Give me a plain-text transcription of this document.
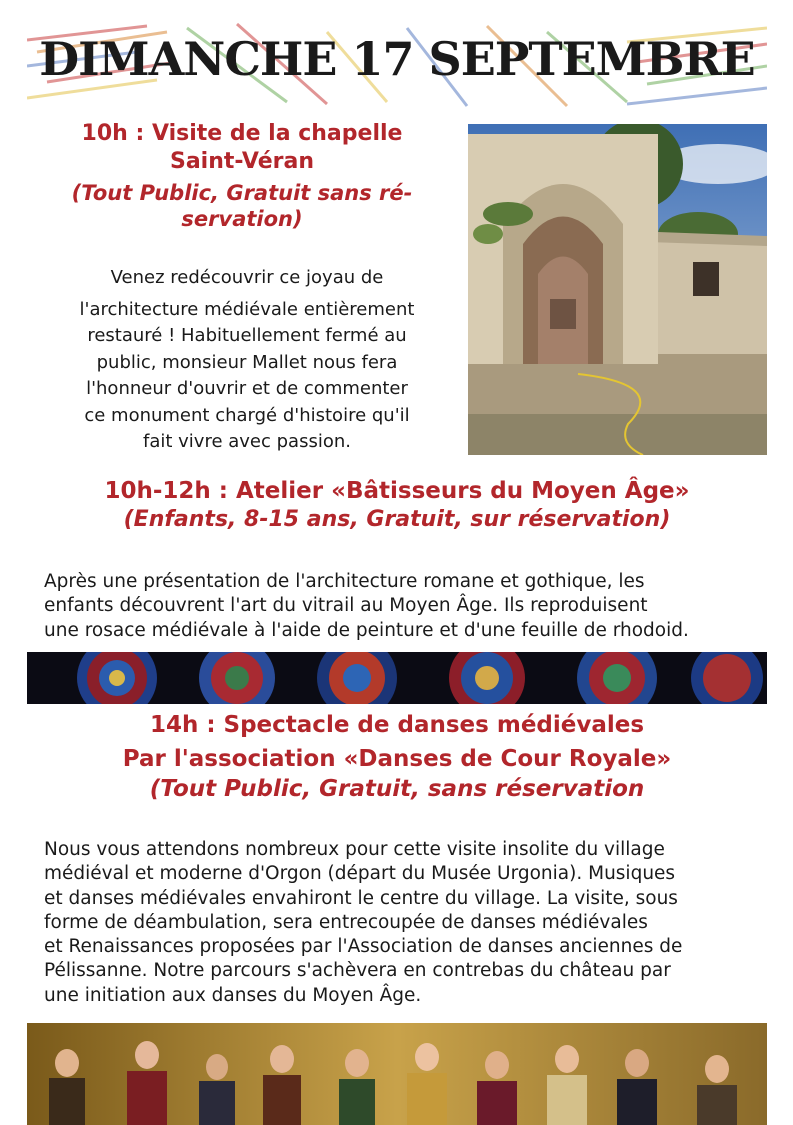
DIMANCHE 17 SEPTEMBRE
10h : Visite de la chapelle
Saint-Véran
(Tout Public, Gratuit sans ré-
servation)
Venez redécouvrir ce joyau de
l'architecture médiévale entièrement
restauré ! Habituellement fermé au
public, monsieur Mallet nous fera
l'honneur d'ouvrir et de commenter
ce monument chargé d'histoire qu'il
fait vivre avec passion.
10h-12h : Atelier «Bâtisseurs du Moyen Âge»
(Enfants, 8-15 ans, Gratuit, sur réservation)
Après une présentation de l'architecture romane et gothique, les
enfants découvrent l'art du vitrail au Moyen Âge. Ils reproduisent
une rosace médiévale à l'aide de peinture et d'une feuille de rhodoid.
14h : Spectacle de danses médiévales
Par l'association «Danses de Cour Royale»
(Tout Public, Gratuit, sans réservation
Nous vous attendons nombreux pour cette visite insolite du village
médiéval et moderne d'Orgon (départ du Musée Urgonia). Musiques
et danses médiévales envahiront le centre du village. La visite, sous
forme de déambulation, sera entrecoupée de danses médiévales
et Renaissances proposées par l'Association de danses anciennes de
Pélissanne. Notre parcours s'achèvera en contrebas du château par
une initiation aux danses du Moyen Âge.
